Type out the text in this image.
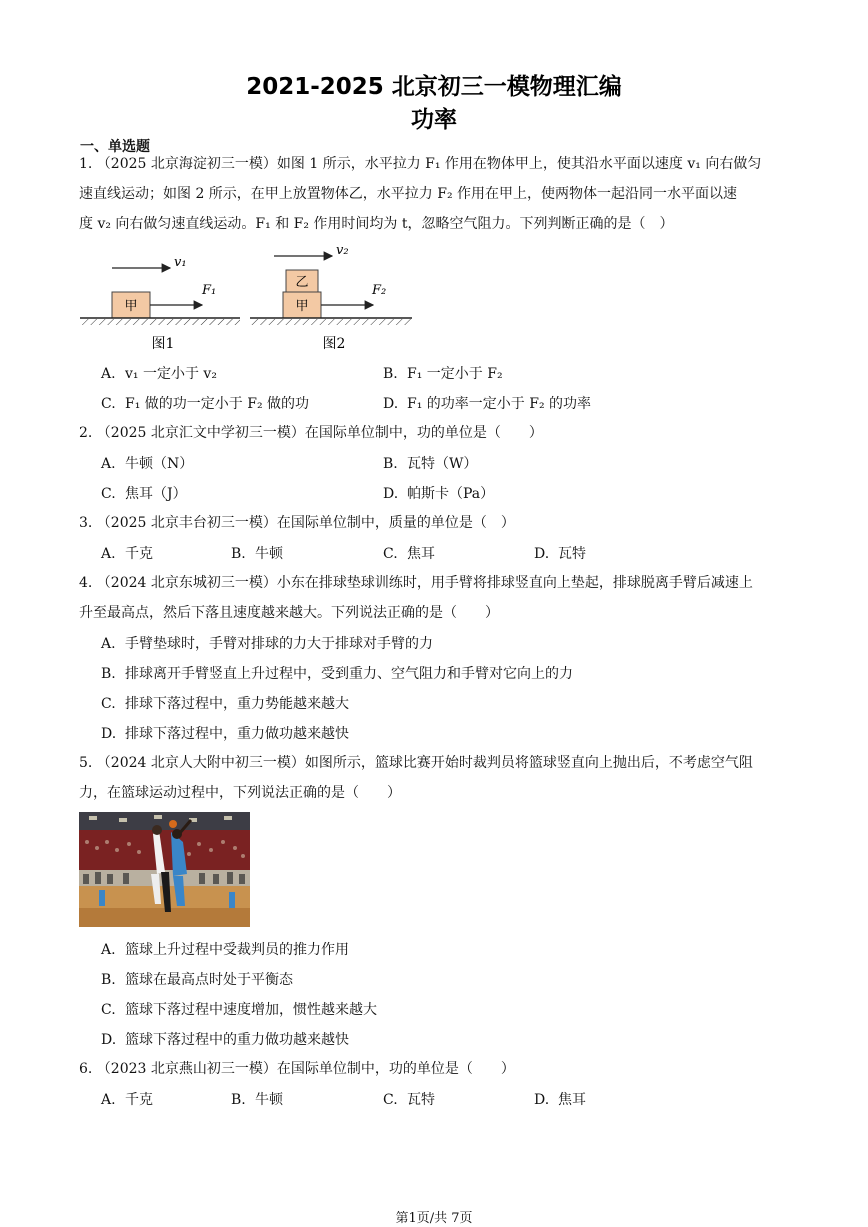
2021-2025 北京初三一模物理汇编
功率
一、单选题
1. （2025 北京海淀初三一模）如图 1 所示，水平拉力 F₁ 作用在物体甲上，使其沿水平面以速度 v₁ 向右做匀
速直线运动；如图 2 所示，在甲上放置物体乙，水平拉力 F₂ 作用在甲上，使两物体一起沿同一水平面以速
度 v₂ 向右做匀速直线运动。F₁ 和 F₂ 作用时间均为 t，忽略空气阻力。下列判断正确的是（　）
v₁
甲
F₁
图1
v₂
乙
甲
F₂
图2
A. v₁ 一定小于 v₂	B. F₁ 一定小于 F₂
C. F₁ 做的功一定小于 F₂ 做的功	D. F₁ 的功率一定小于 F₂ 的功率
2. （2025 北京汇文中学初三一模）在国际单位制中，功的单位是（　　）
A. 牛顿（N）	B. 瓦特（W）
C. 焦耳（J）	D. 帕斯卡（Pa）
3. （2025 北京丰台初三一模）在国际单位制中，质量的单位是（　）
A. 千克	B. 牛顿	C. 焦耳	D. 瓦特
4. （2024 北京东城初三一模）小东在排球垫球训练时，用手臂将排球竖直向上垫起，排球脱离手臂后减速上
升至最高点，然后下落且速度越来越大。下列说法正确的是（　　）
A. 手臂垫球时，手臂对排球的力大于排球对手臂的力
B. 排球离开手臂竖直上升过程中，受到重力、空气阻力和手臂对它向上的力
C. 排球下落过程中，重力势能越来越大
D. 排球下落过程中，重力做功越来越快
5. （2024 北京人大附中初三一模）如图所示，篮球比赛开始时裁判员将篮球竖直向上抛出后，不考虑空气阻
力，在篮球运动过程中，下列说法正确的是（　　）
A. 篮球上升过程中受裁判员的推力作用
B. 篮球在最高点时处于平衡态
C. 篮球下落过程中速度增加，惯性越来越大
D. 篮球下落过程中的重力做功越来越快
6. （2023 北京燕山初三一模）在国际单位制中，功的单位是（　　）
A. 千克	B. 牛顿	C. 瓦特	D. 焦耳
第1页/共 7页
